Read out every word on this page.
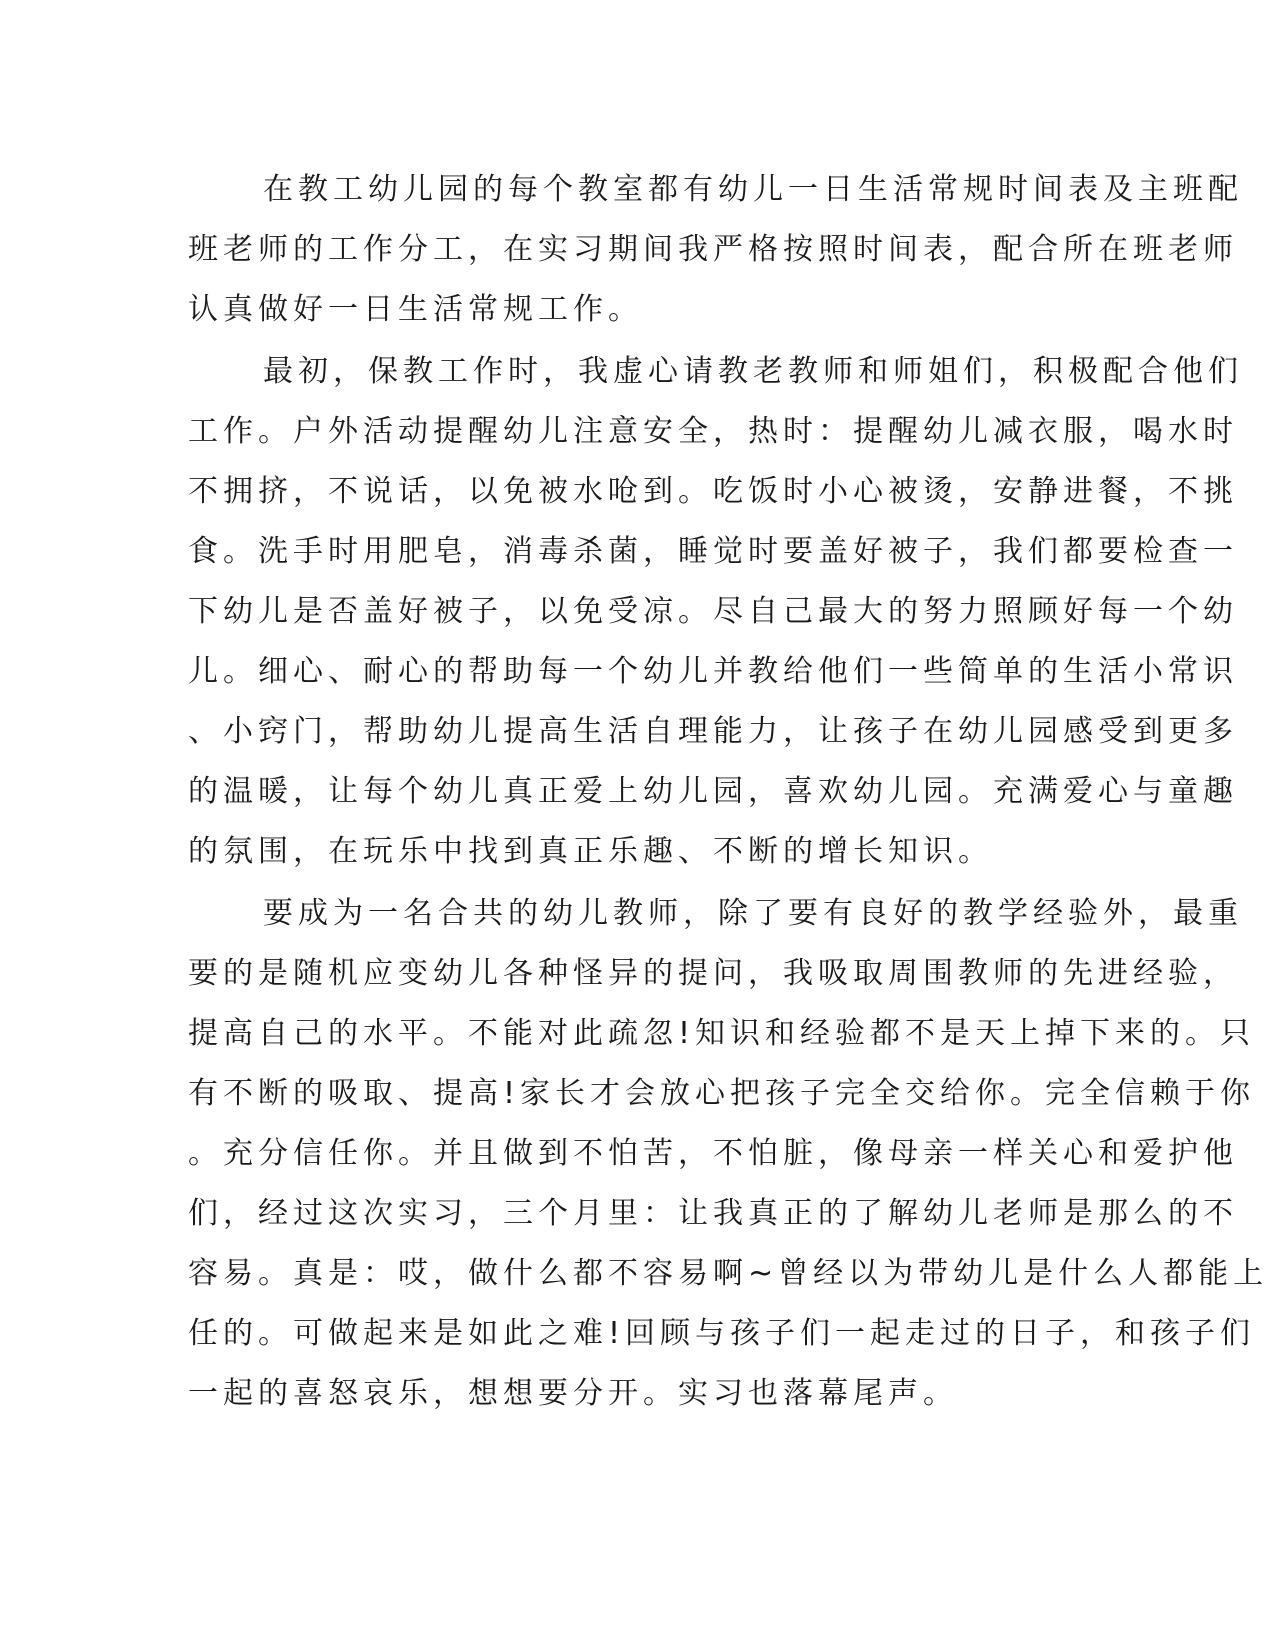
在教工幼儿园的每个教室都有幼儿一日生活常规时间表及主班配
班老师的工作分工，在实习期间我严格按照时间表，配合所在班老师
认真做好一日生活常规工作。
最初，保教工作时，我虚心请教老教师和师姐们，积极配合他们
工作。户外活动提醒幼儿注意安全，热时：提醒幼儿减衣服，喝水时
不拥挤，不说话，以免被水呛到。吃饭时小心被烫，安静进餐，不挑
食。洗手时用肥皂，消毒杀菌，睡觉时要盖好被子，我们都要检查一
下幼儿是否盖好被子，以免受凉。尽自己最大的努力照顾好每一个幼
儿。细心、耐心的帮助每一个幼儿并教给他们一些简单的生活小常识
、小窍门，帮助幼儿提高生活自理能力，让孩子在幼儿园感受到更多
的温暖，让每个幼儿真正爱上幼儿园，喜欢幼儿园。充满爱心与童趣
的氛围，在玩乐中找到真正乐趣、不断的增长知识。
要成为一名合共的幼儿教师，除了要有良好的教学经验外，最重
要的是随机应变幼儿各种怪异的提问，我吸取周围教师的先进经验，
提高自己的水平。不能对此疏忽!知识和经验都不是天上掉下来的。只
有不断的吸取、提高!家长才会放心把孩子完全交给你。完全信赖于你
。充分信任你。并且做到不怕苦，不怕脏，像母亲一样关心和爱护他
们，经过这次实习，三个月里：让我真正的了解幼儿老师是那么的不
容易。真是：哎，做什么都不容易啊~曾经以为带幼儿是什么人都能上
任的。可做起来是如此之难!回顾与孩子们一起走过的日子，和孩子们
一起的喜怒哀乐，想想要分开。实习也落幕尾声。
